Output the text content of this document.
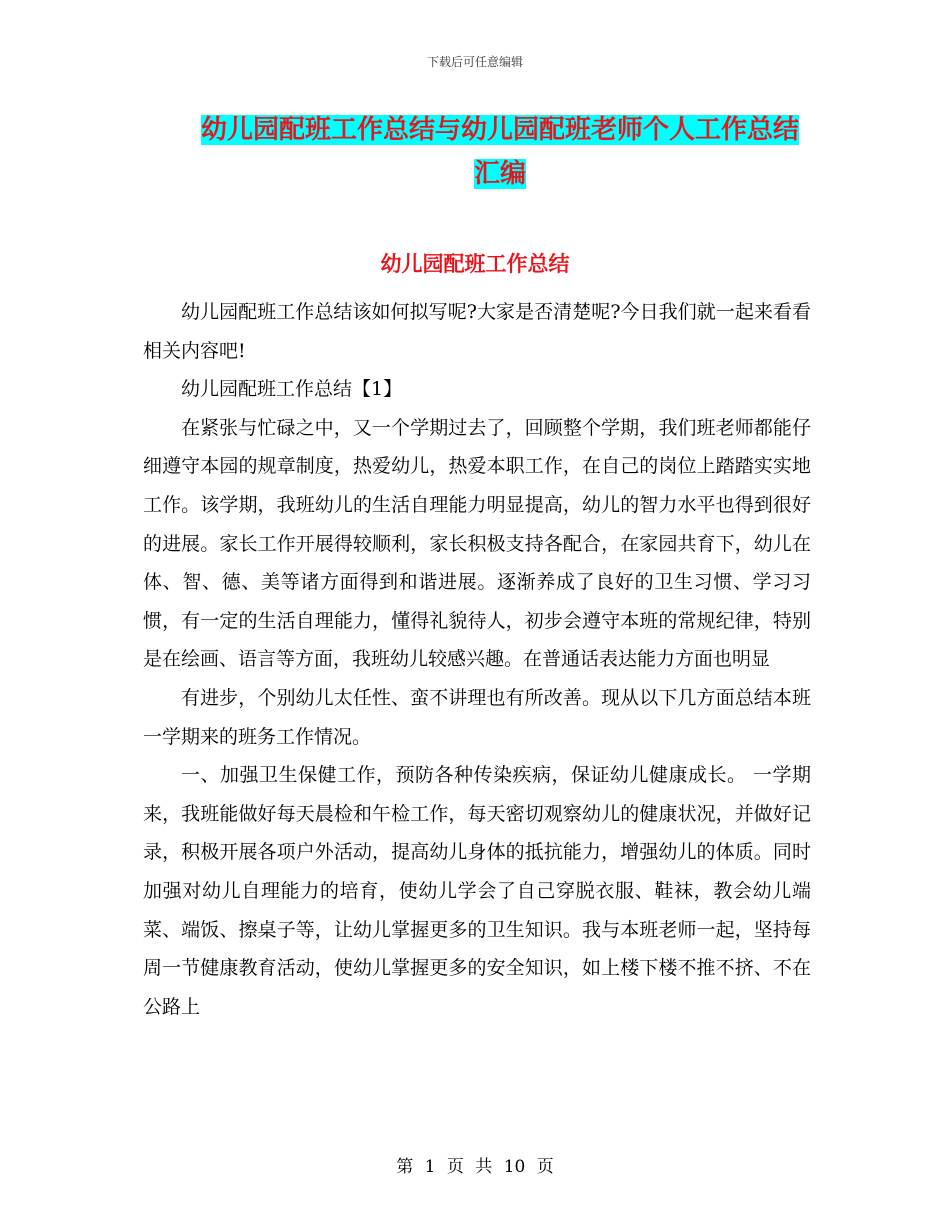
下载后可任意编辑
幼儿园配班工作总结与幼儿园配班老师个人工作总结汇编
幼儿园配班工作总结

幼儿园配班工作总结该如何拟写呢?大家是否清楚呢?今日我们就一起来看看相关内容吧!

幼儿园配班工作总结【1】

在紧张与忙碌之中，又一个学期过去了，回顾整个学期，我们班老师都能仔细遵守本园的规章制度，热爱幼儿，热爱本职工作，在自己的岗位上踏踏实实地工作。该学期，我班幼儿的生活自理能力明显提高，幼儿的智力水平也得到很好的进展。家长工作开展得较顺利，家长积极支持各配合，在家园共育下，幼儿在体、智、德、美等诸方面得到和谐进展。逐渐养成了良好的卫生习惯、学习习惯，有一定的生活自理能力，懂得礼貌待人，初步会遵守本班的常规纪律，特别是在绘画、语言等方面，我班幼儿较感兴趣。在普通话表达能力方面也明显

有进步，个别幼儿太任性、蛮不讲理也有所改善。现从以下几方面总结本班一学期来的班务工作情况。

一、加强卫生保健工作，预防各种传染疾病，保证幼儿健康成长。 一学期来，我班能做好每天晨检和午检工作，每天密切观察幼儿的健康状况，并做好记录，积极开展各项户外活动，提高幼儿身体的抵抗能力，增强幼儿的体质。同时加强对幼儿自理能力的培育，使幼儿学会了自己穿脱衣服、鞋袜，教会幼儿端菜、端饭、擦桌子等，让幼儿掌握更多的卫生知识。我与本班老师一起，坚持每周一节健康教育活动，使幼儿掌握更多的安全知识，如上楼下楼不推不挤、不在公路上

第 1 页 共 10 页
